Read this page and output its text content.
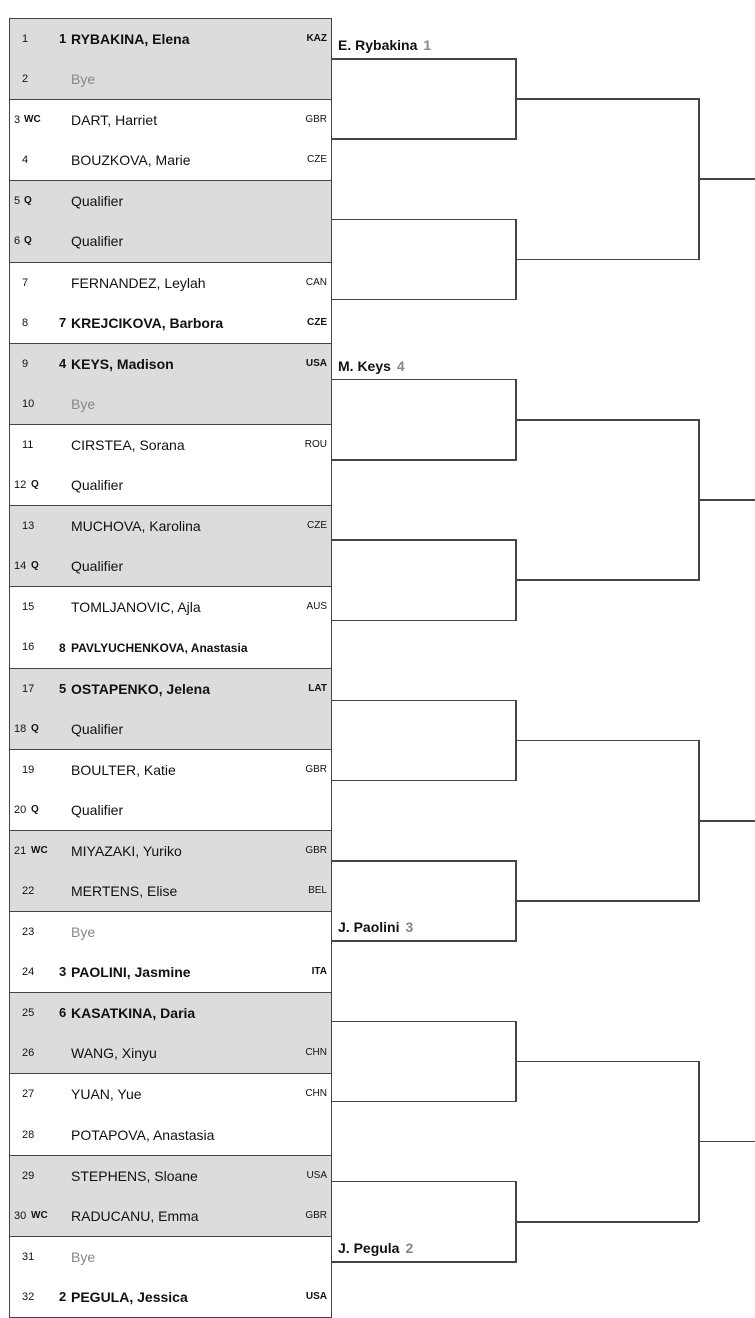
1 1 RYBAKINA, Elena	KAZ
2	Bye
3 WC DART, Harriet	GBR
4	BOUZKOVA, Marie	CZE
5 Q	Qualifier
6 Q	Qualifier
7	FERNANDEZ, Leylah	CAN
8 7 KREJCIKOVA, Barbora	CZE
9 4 KEYS, Madison	USA
10	Bye
11	CIRSTEA, Sorana	ROU
12 Q Qualifier
13	MUCHOVA, Karolina	CZE
14 Q Qualifier
15	TOMLJANOVIC, Ajla	AUS
16 8 PAVLYUCHENKOVA, Anastasia
17 5 OSTAPENKO, Jelena	LAT
18 Q Qualifier
19	BOULTER, Katie	GBR
20 Q Qualifier
21 WC MIYAZAKI, Yuriko	GBR
22	MERTENS, Elise	BEL
23	Bye
24 3 PAOLINI, Jasmine	ITA
25 6 KASATKINA, Daria
26	WANG, Xinyu	CHN
27	YUAN, Yue	CHN
28	POTAPOVA, Anastasia
29	STEPHENS, Sloane	USA
30 WC RADUCANU, Emma	GBR
31	Bye
32 2 PEGULA, Jessica	USA
E. Rybakina 1
M. Keys 4
J. Paolini 3
J. Pegula 2
